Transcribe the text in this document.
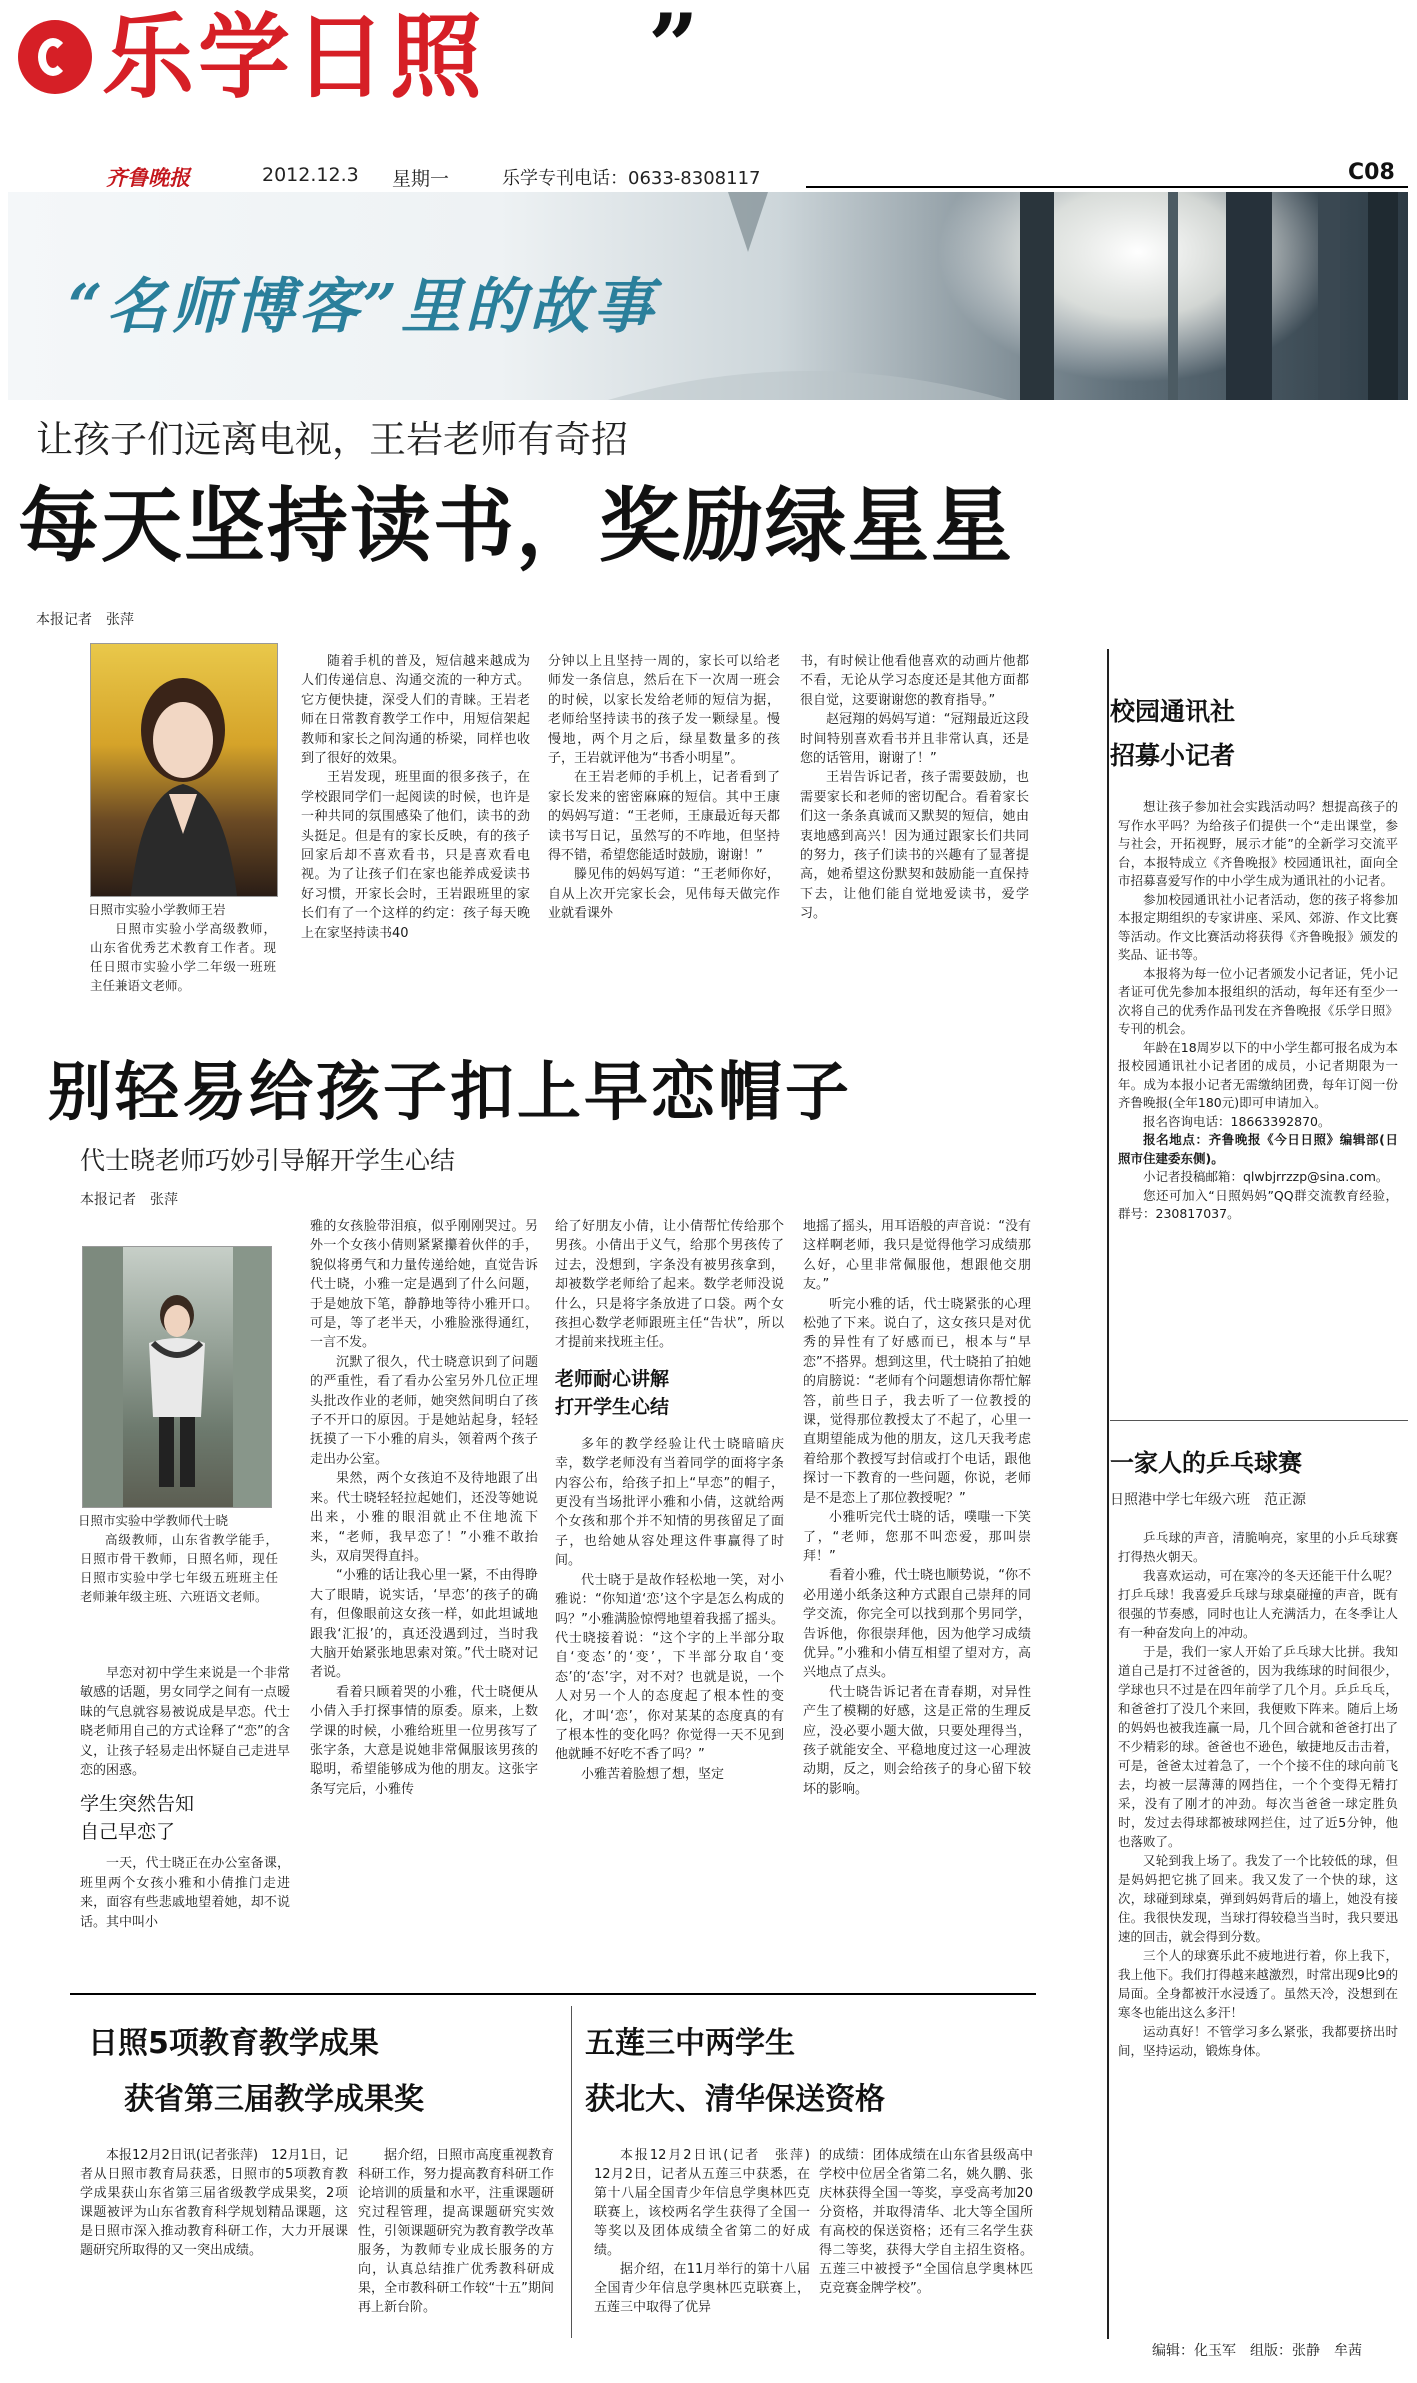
乐学日照 ”
齐鲁晚报	2012.12.3 星期一	乐学专刊电话：0633-8308117	C08
“名师博客”里的故事
让孩子们远离电视，王岩老师有奇招
每天坚持读书，奖励绿星星
本报记者　张萍
日照市实验小学教师王岩
日照市实验小学高级教师，山东省优秀艺术教育工作者。现任日照市实验小学二年级一班班主任兼语文老师。

随着手机的普及，短信越来越成为人们传递信息、沟通交流的一种方式。它方便快捷，深受人们的青睐。王岩老师在日常教育教学工作中，用短信架起教师和家长之间沟通的桥梁，同样也收到了很好的效果。

王岩发现，班里面的很多孩子，在学校跟同学们一起阅读的时候，也许是一种共同的氛围感染了他们，读书的劲头挺足。但是有的家长反映，有的孩子回家后却不喜欢看书，只是喜欢看电视。为了让孩子们在家也能养成爱读书好习惯，开家长会时，王岩跟班里的家长们有了一个这样的约定：孩子每天晚上在家坚持读书40

分钟以上且坚持一周的，家长可以给老师发一条信息，然后在下一次周一班会的时候，以家长发给老师的短信为据，老师给坚持读书的孩子发一颗绿星。慢慢地，两个月之后，绿星数量多的孩子，王岩就评他为“书香小明星”。

在王岩老师的手机上，记者看到了家长发来的密密麻麻的短信。其中王康的妈妈写道：“王老师，王康最近每天都读书写日记，虽然写的不咋地，但坚持得不错，希望您能适时鼓励，谢谢！”

滕见伟的妈妈写道：“王老师你好，自从上次开完家长会，见伟每天做完作业就看课外

书，有时候让他看他喜欢的动画片他都不看，无论从学习态度还是其他方面都很自觉，这要谢谢您的教育指导。”

赵冠翔的妈妈写道：“冠翔最近这段时间特别喜欢看书并且非常认真，还是您的话管用，谢谢了！”

王岩告诉记者，孩子需要鼓励，也需要家长和老师的密切配合。看着家长们这一条条真诚而又默契的短信，她由衷地感到高兴！因为通过跟家长们共同的努力，孩子们读书的兴趣有了显著提高，她希望这份默契和鼓励能一直保持下去，让他们能自觉地爱读书，爱学习。

别轻易给孩子扣上早恋帽子
代士晓老师巧妙引导解开学生心结
本报记者　张萍
日照市实验中学教师代士晓
高级教师，山东省教学能手，日照市骨干教师，日照名师，现任日照市实验中学七年级五班班主任老师兼年级主班、六班语文老师。

早恋对初中学生来说是一个非常敏感的话题，男女同学之间有一点暧昧的气息就容易被说成是早恋。代士晓老师用自己的方式诠释了“恋”的含义，让孩子轻易走出怀疑自己走进早恋的困惑。

学生突然告知
自己早恋了

一天，代士晓正在办公室备课，班里两个女孩小雅和小倩推门走进来，面容有些悲戚地望着她，却不说话。其中叫小

雅的女孩脸带泪痕，似乎刚刚哭过。另外一个女孩小倩则紧紧攥着伙伴的手，貌似将勇气和力量传递给她，直觉告诉代士晓，小雅一定是遇到了什么问题，于是她放下笔，静静地等待小雅开口。可是，等了老半天，小雅脸涨得通红，一言不发。

沉默了很久，代士晓意识到了问题的严重性，看了看办公室另外几位正埋头批改作业的老师，她突然间明白了孩子不开口的原因。于是她站起身，轻轻抚摸了一下小雅的肩头，领着两个孩子走出办公室。

果然，两个女孩迫不及待地跟了出来。代士晓轻轻拉起她们，还没等她说出来，小雅的眼泪就止不住地流下来，“老师，我早恋了！”小雅不敢抬头，双肩哭得直抖。

“小雅的话让我心里一紧，不由得睁大了眼睛，说实话，‘早恋’的孩子的确有，但像眼前这女孩一样，如此坦诚地跟我‘汇报’的，真还没遇到过，当时我大脑开始紧张地思索对策。”代士晓对记者说。

看着只顾着哭的小雅，代士晓便从小倩入手打探事情的原委。原来，上数学课的时候，小雅给班里一位男孩写了张字条，大意是说她非常佩服该男孩的聪明，希望能够成为他的朋友。这张字条写完后，小雅传

给了好朋友小倩，让小倩帮忙传给那个男孩。小倩出于义气，给那个男孩传了过去，没想到，字条没有被男孩拿到，却被数学老师给了起来。数学老师没说什么，只是将字条放进了口袋。两个女孩担心数学老师跟班主任“告状”，所以才提前来找班主任。

老师耐心讲解
打开学生心结

多年的教学经验让代士晓暗暗庆幸，数学老师没有当着同学的面将字条内容公布，给孩子扣上“早恋”的帽子，更没有当场批评小雅和小倩，这就给两个女孩和那个并不知情的男孩留足了面子，也给她从容处理这件事赢得了时间。

代士晓于是故作轻松地一笑，对小雅说：“你知道‘恋’这个字是怎么构成的吗？”小雅满脸惊愕地望着我摇了摇头。代士晓接着说：“这个字的上半部分取自‘变态’的‘变’，下半部分取自‘变态’的‘态’字，对不对？也就是说，一个人对另一个人的态度起了根本性的变化，才叫‘恋’，你对某某的态度真的有了根本性的变化吗？你觉得一天不见到他就睡不好吃不香了吗？”

小雅苦着脸想了想，坚定

地摇了摇头，用耳语般的声音说：“没有这样啊老师，我只是觉得他学习成绩那么好，心里非常佩服他，想跟他交朋友。”

听完小雅的话，代士晓紧张的心理松弛了下来。说白了，这女孩只是对优秀的异性有了好感而已，根本与“早恋”不搭界。想到这里，代士晓拍了拍她的肩膀说：“老师有个问题想请你帮忙解答，前些日子，我去听了一位教授的课，觉得那位教授太了不起了，心里一直期望能成为他的朋友，这几天我考虑着给那个教授写封信或打个电话，跟他探讨一下教育的一些问题，你说，老师是不是恋上了那位教授呢？”

小雅听完代士晓的话，噗嗤一下笑了，“老师，您那不叫恋爱，那叫崇拜！”

看着小雅，代士晓也顺势说，“你不必用递小纸条这种方式跟自己崇拜的同学交流，你完全可以找到那个男同学，告诉他，你很崇拜他，因为他学习成绩优异。”小雅和小倩互相望了望对方，高兴地点了点头。

代士晓告诉记者在青春期，对异性产生了模糊的好感，这是正常的生理反应，没必要小题大做，只要处理得当，孩子就能安全、平稳地度过这一心理波动期，反之，则会给孩子的身心留下较坏的影响。

日照5项教育教学成果
获省第三届教学成果奖

本报12月2日讯(记者张萍)　12月1日，记者从日照市教育局获悉，日照市的5项教育教学成果获山东省第三届省级教学成果奖，2项课题被评为山东省教育科学规划精品课题，这是日照市深入推动教育科研工作，大力开展课题研究所取得的又一突出成绩。

据介绍，日照市高度重视教育科研工作，努力提高教育科研工作论培训的质量和水平，注重课题研究过程管理，提高课题研究实效性，引领课题研究为教育教学改革服务，为教师专业成长服务的方向，认真总结推广优秀教科研成果，全市教科研工作较“十五”期间再上新台阶。

五莲三中两学生
获北大、清华保送资格

本报12月2日讯(记者　张萍)　12月2日，记者从五莲三中获悉，在第十八届全国青少年信息学奥林匹克联赛上，该校两名学生获得了全国一等奖以及团体成绩全省第二的好成绩。

据介绍，在11月举行的第十八届全国青少年信息学奥林匹克联赛上，五莲三中取得了优异

的成绩：团体成绩在山东省县级高中学校中位居全省第二名，姚久鹏、张庆林获得全国一等奖，享受高考加20分资格，并取得清华、北大等全国所有高校的保送资格；还有三名学生获得二等奖，获得大学自主招生资格。五莲三中被授予“全国信息学奥林匹克竞赛金牌学校”。

校园通讯社
招募小记者

想让孩子参加社会实践活动吗？想提高孩子的写作水平吗？为给孩子们提供一个“走出课堂，参与社会，开拓视野，展示才能”的全新学习交流平台，本报特成立《齐鲁晚报》校园通讯社，面向全市招募喜爱写作的中小学生成为通讯社的小记者。

参加校园通讯社小记者活动，您的孩子将参加本报定期组织的专家讲座、采风、郊游、作文比赛等活动。作文比赛活动将获得《齐鲁晚报》颁发的奖品、证书等。

本报将为每一位小记者颁发小记者证，凭小记者证可优先参加本报组织的活动，每年还有至少一次将自己的优秀作品刊发在齐鲁晚报《乐学日照》专刊的机会。

年龄在18周岁以下的中小学生都可报名成为本报校园通讯社小记者团的成员，小记者期限为一年。成为本报小记者无需缴纳团费，每年订阅一份齐鲁晚报(全年180元)即可申请加入。

报名咨询电话：18663392870。
报名地点：齐鲁晚报《今日日照》编辑部(日照市住建委东侧)。
小记者投稿邮箱：qlwbjrrzzp@sina.com。
您还可加入“日照妈妈”QQ群交流教育经验，群号：230817037。
一家人的乒乓球赛
日照港中学七年级六班　范正源

乒乓球的声音，清脆响亮，家里的小乒乓球赛打得热火朝天。

我喜欢运动，可在寒冷的冬天还能干什么呢？打乒乓球！我喜爱乒乓球与球桌碰撞的声音，既有很强的节奏感，同时也让人充满活力，在冬季让人有一种奋发向上的冲动。

于是，我们一家人开始了乒乓球大比拼。我知道自己是打不过爸爸的，因为我练球的时间很少，学球也只不过是在四年前学了几个月。乒乒乓乓，和爸爸打了没几个来回，我便败下阵来。随后上场的妈妈也被我连赢一局，几个回合就和爸爸打出了不少精彩的球。爸爸也不逊色，敏捷地反击击着，可是，爸爸太过着急了，一个个接不住的球向前飞去，均被一层薄薄的网挡住，一个个变得无精打采，没有了刚才的冲劲。每次当爸爸一球定胜负时，发过去得球都被球网拦住，过了近5分钟，他也落败了。

又轮到我上场了。我发了一个比较低的球，但是妈妈把它挑了回来。我又发了一个快的球，这次，球碰到球桌，弹到妈妈背后的墙上，她没有接住。我很快发现，当球打得较稳当当时，我只要迅速的回击，就会得到分数。

三个人的球赛乐此不疲地进行着，你上我下，我上他下。我们打得越来越激烈，时常出现9比9的局面。全身都被汗水浸透了。虽然天冷，没想到在寒冬也能出这么多汗！

运动真好！不管学习多么紧张，我都要挤出时间，坚持运动，锻炼身体。

编辑：化玉军　组版：张静　牟茜
